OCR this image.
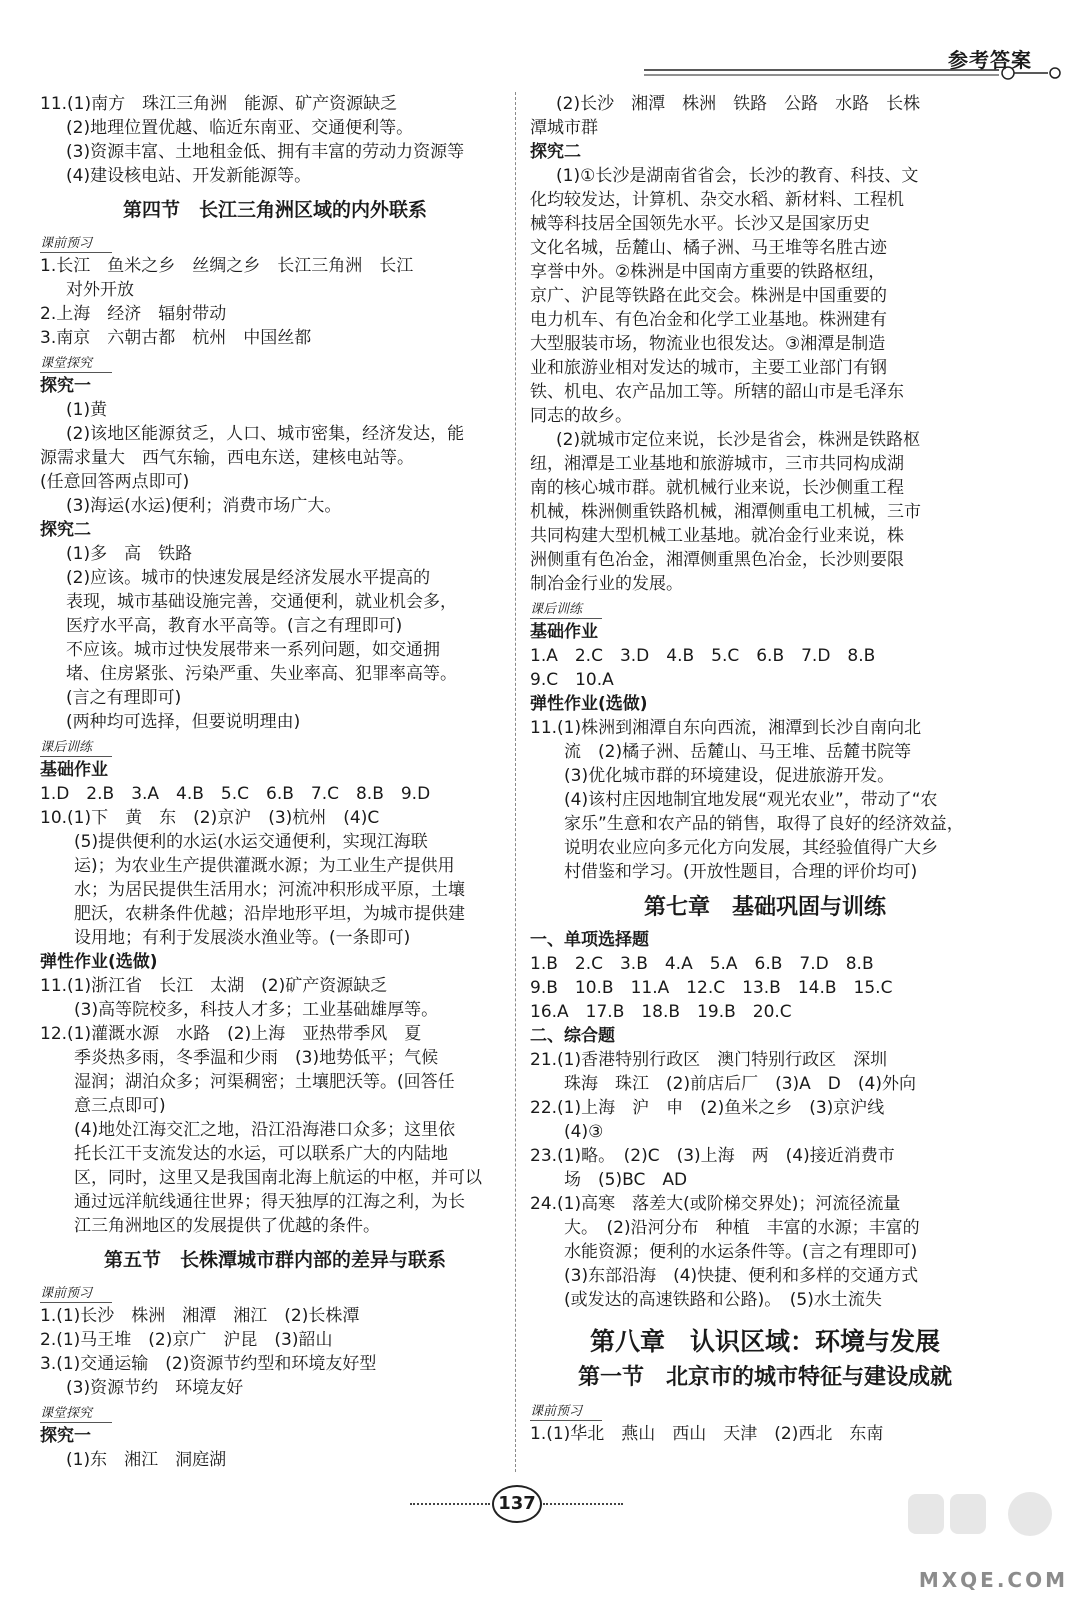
参考答案
11.(1)南方　珠江三角洲　能源、矿产资源缺乏
(2)地理位置优越、临近东南亚、交通便利等。
(3)资源丰富、土地租金低、拥有丰富的劳动力资源等
(4)建设核电站、开发新能源等。
第四节　长江三角洲区域的内外联系
课前预习
1.长江　鱼米之乡　丝绸之乡　长江三角洲　长江
对外开放
2.上海　经济　辐射带动
3.南京　六朝古都　杭州　中国丝都
课堂探究
探究一
(1)黄
(2)该地区能源贫乏，人口、城市密集，经济发达，能
源需求量大　西气东输，西电东送，建核电站等。
(任意回答两点即可)
(3)海运(水运)便利；消费市场广大。
探究二
(1)多　高　铁路
(2)应该。城市的快速发展是经济发展水平提高的
表现，城市基础设施完善，交通便利，就业机会多，
医疗水平高，教育水平高等。(言之有理即可)
不应该。城市过快发展带来一系列问题，如交通拥
堵、住房紧张、污染严重、失业率高、犯罪率高等。
(言之有理即可)
(两种均可选择，但要说明理由)
课后训练
基础作业
1.D　2.B　3.A　4.B　5.C　6.B　7.C　8.B　9.D
10.(1)下　黄　东　(2)京沪　(3)杭州　(4)C
(5)提供便利的水运(水运交通便利，实现江海联
运)；为农业生产提供灌溉水源；为工业生产提供用
水；为居民提供生活用水；河流冲积形成平原，土壤
肥沃，农耕条件优越；沿岸地形平坦，为城市提供建
设用地；有利于发展淡水渔业等。(一条即可)
弹性作业(选做)
11.(1)浙江省　长江　太湖　(2)矿产资源缺乏
(3)高等院校多，科技人才多；工业基础雄厚等。
12.(1)灌溉水源　水路　(2)上海　亚热带季风　夏
季炎热多雨，冬季温和少雨　(3)地势低平；气候
湿润；湖泊众多；河渠稠密；土壤肥沃等。(回答任
意三点即可)
(4)地处江海交汇之地，沿江沿海港口众多；这里依
托长江干支流发达的水运，可以联系广大的内陆地
区，同时，这里又是我国南北海上航运的中枢，并可以
通过远洋航线通往世界；得天独厚的江海之利，为长
江三角洲地区的发展提供了优越的条件。
第五节　长株潭城市群内部的差异与联系
课前预习
1.(1)长沙　株洲　湘潭　湘江　(2)长株潭
2.(1)马王堆　(2)京广　沪昆　(3)韶山
3.(1)交通运输　(2)资源节约型和环境友好型
(3)资源节约　环境友好
课堂探究
探究一
(1)东　湘江　洞庭湖
(2)长沙　湘潭　株洲　铁路　公路　水路　长株
潭城市群
探究二
(1)①长沙是湖南省省会，长沙的教育、科技、文
化均较发达，计算机、杂交水稻、新材料、工程机
械等科技居全国领先水平。长沙又是国家历史
文化名城，岳麓山、橘子洲、马王堆等名胜古迹
享誉中外。②株洲是中国南方重要的铁路枢纽，
京广、沪昆等铁路在此交会。株洲是中国重要的
电力机车、有色冶金和化学工业基地。株洲建有
大型服装市场，物流业也很发达。③湘潭是制造
业和旅游业相对发达的城市，主要工业部门有钢
铁、机电、农产品加工等。所辖的韶山市是毛泽东
同志的故乡。
(2)就城市定位来说，长沙是省会，株洲是铁路枢
纽，湘潭是工业基地和旅游城市，三市共同构成湖
南的核心城市群。就机械行业来说，长沙侧重工程
机械，株洲侧重铁路机械，湘潭侧重电工机械，三市
共同构建大型机械工业基地。就冶金行业来说，株
洲侧重有色冶金，湘潭侧重黑色冶金，长沙则要限
制冶金行业的发展。
课后训练
基础作业
1.A　2.C　3.D　4.B　5.C　6.B　7.D　8.B
9.C　10.A
弹性作业(选做)
11.(1)株洲到湘潭自东向西流，湘潭到长沙自南向北
流　(2)橘子洲、岳麓山、马王堆、岳麓书院等
(3)优化城市群的环境建设，促进旅游开发。
(4)该村庄因地制宜地发展“观光农业”，带动了“农
家乐”生意和农产品的销售，取得了良好的经济效益，
说明农业应向多元化方向发展，其经验值得广大乡
村借鉴和学习。(开放性题目，合理的评价均可)
第七章　基础巩固与训练
一、单项选择题
1.B　2.C　3.B　4.A　5.A　6.B　7.D　8.B
9.B　10.B　11.A　12.C　13.B　14.B　15.C
16.A　17.B　18.B　19.B　20.C
二、综合题
21.(1)香港特别行政区　澳门特别行政区　深圳
珠海　珠江　(2)前店后厂　(3)A　D　(4)外向
22.(1)上海　沪　申　(2)鱼米之乡　(3)京沪线
(4)③
23.(1)略。　(2)C　(3)上海　两　(4)接近消费市
场　(5)BC　AD
24.(1)高寒　落差大(或阶梯交界处)；河流径流量
大。　(2)沿河分布　种植　丰富的水源；丰富的
水能资源；便利的水运条件等。(言之有理即可)
(3)东部沿海　(4)快捷、便利和多样的交通方式
(或发达的高速铁路和公路)。　(5)水土流失
第八章　认识区域：环境与发展
第一节　北京市的城市特征与建设成就
课前预习
1.(1)华北　燕山　西山　天津　(2)西北　东南
137
MXQE.COM
